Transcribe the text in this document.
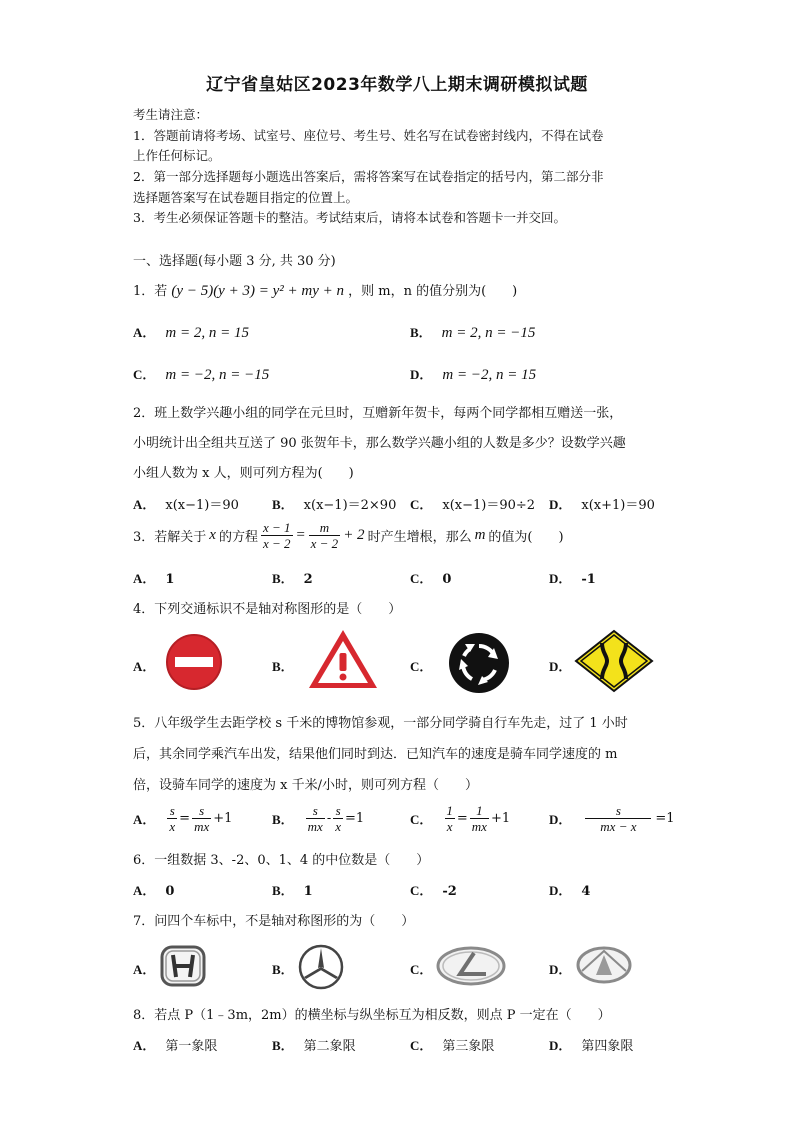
辽宁省皇姑区2023年数学八上期末调研模拟试题
考生请注意：
1．答题前请将考场、试室号、座位号、考生号、姓名写在试卷密封线内，不得在试卷
上作任何标记。
2．第一部分选择题每小题选出答案后，需将答案写在试卷指定的括号内，第二部分非
选择题答案写在试卷题目指定的位置上。
3．考生必须保证答题卡的整洁。考试结束后，请将本试卷和答题卡一并交回。
一、选择题(每小题 3 分, 共 30 分)
1．若 (y − 5)(y + 3) = y² + my + n ，则 m，n 的值分别为(　　)
A． m = 2, n = 15	B． m = 2, n = −15
C． m = −2, n = −15	D． m = −2, n = 15
2．班上数学兴趣小组的同学在元旦时，互赠新年贺卡，每两个同学都相互赠送一张，
小明统计出全组共互送了 90 张贺年卡，那么数学兴趣小组的人数是多少？设数学兴趣
小组人数为 x 人，则可列方程为(　　)
A． x(x−1)＝90	B． x(x−1)＝2×90 C． x(x−1)＝90÷2 D． x(x+1)＝90
3．若解关于 x 的方程 $\frac{x - 1}{x - 2} = \frac{m}{x - 2} + 2$ 时产生增根，那么 m 的值为(　　)
A． 1	B． 2	C． 0	D． -1
4．下列交通标识不是轴对称图形的是（　　）
A．	B．	C．	D．
5．八年级学生去距学校 s 千米的博物馆参观，一部分同学骑自行车先走，过了 1 小时
后，其余同学乘汽车出发，结果他们同时到达．已知汽车的速度是骑车同学速度的 m
倍，设骑车同学的速度为 x 千米/小时，则可列方程（　　）
A． $\frac{s}{x} = \frac{s}{mx} +1$	B． $\frac{s}{mx} - \frac{s}{x} =1$	C． $\frac{1}{x} = \frac{1}{mx} +1$	D． $\frac{s}{mx - x} =1$
6．一组数据 3、-2、0、1、4 的中位数是（　　）
A． 0	B． 1	C． -2	D． 4
7．问四个车标中，不是轴对称图形的为（　　）
A．	B．	C．	D．
8．若点 P（1﹣3m，2m）的横坐标与纵坐标互为相反数，则点 P 一定在（　　）
A． 第一象限	B． 第二象限	C． 第三象限	D． 第四象限
